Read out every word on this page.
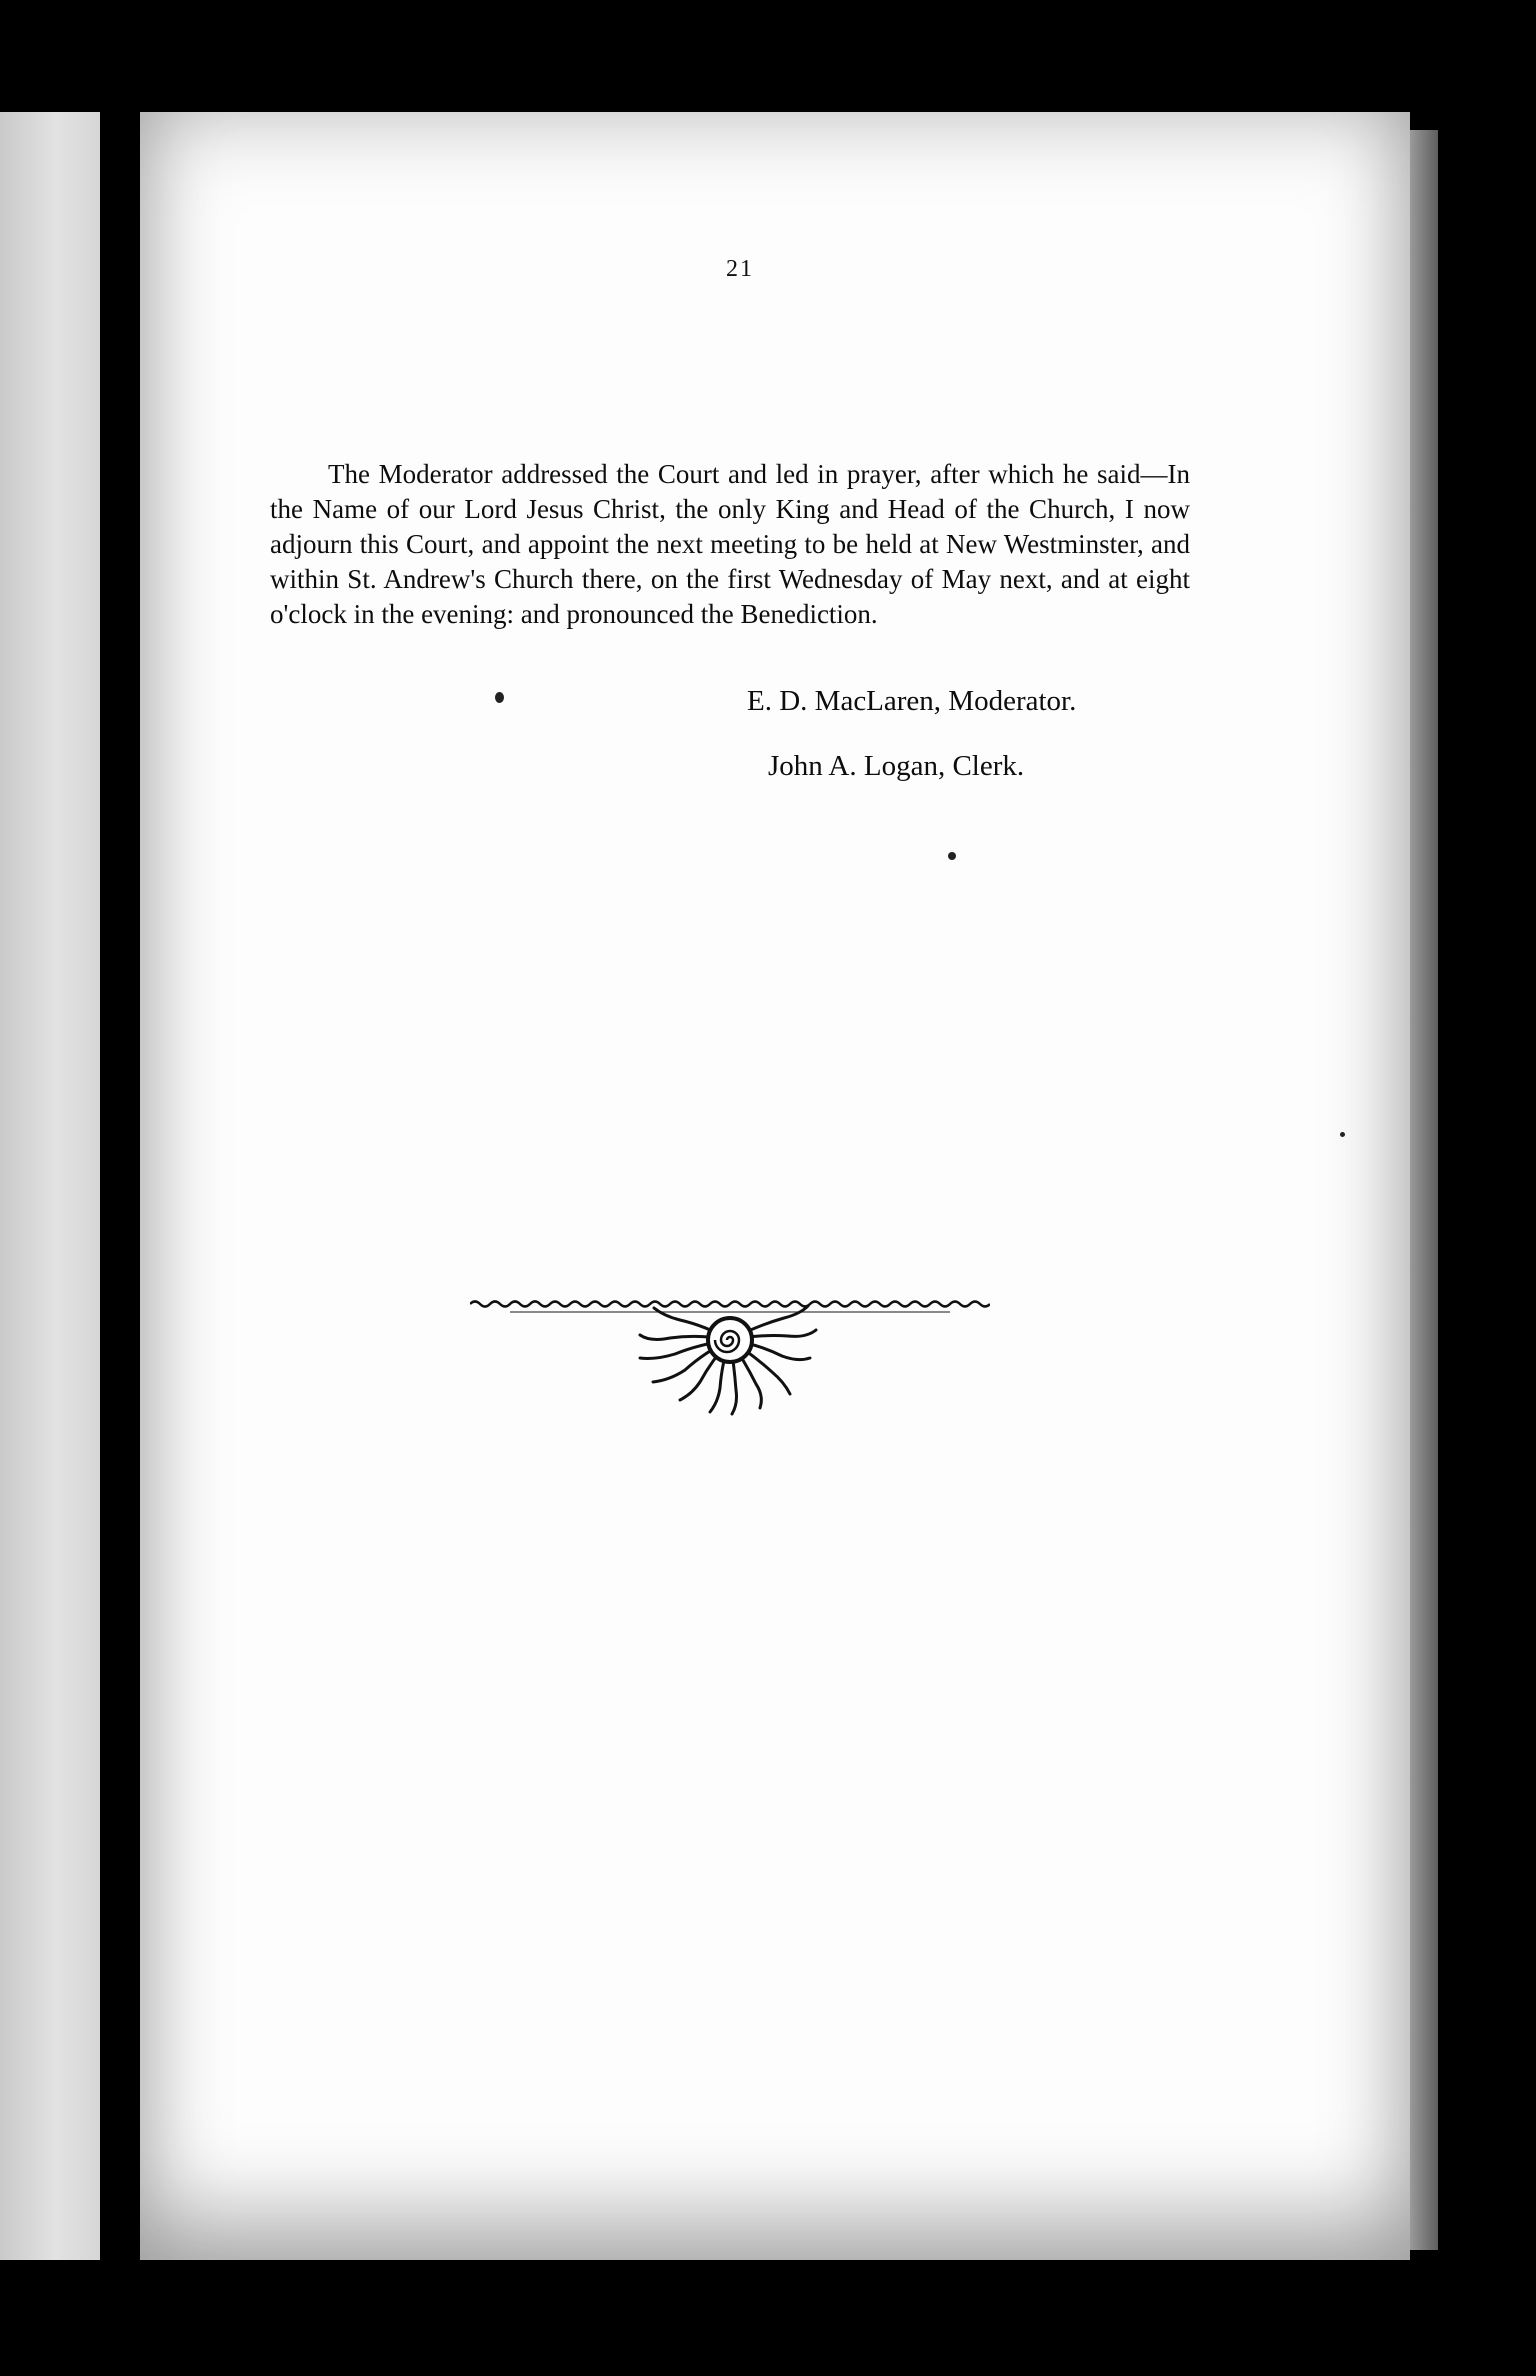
21

The Moderator addressed the Court and led in prayer, after which he said—In the Name of our Lord Jesus Christ, the only King and Head of the Church, I now adjourn this Court, and appoint the next meeting to be held at New Westminster, and within St. Andrew's Church there, on the first Wednesday of May next, and at eight o'clock in the evening: and pronounced the Benediction.

E. D. MacLaren, Moderator.
John A. Logan, Clerk.
